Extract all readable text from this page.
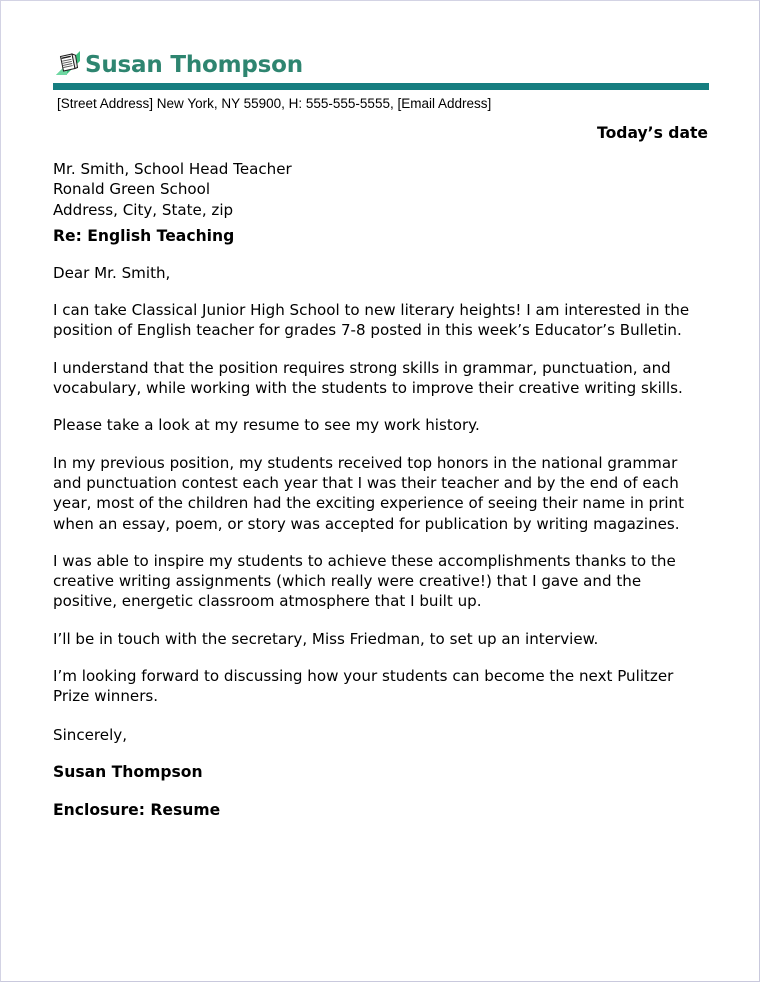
Susan Thompson
[Street Address] New York, NY 55900, H: 555-555-5555, [Email Address]
Today’s date
Mr. Smith, School Head Teacher
Ronald Green School
Address, City, State, zip
Re: English Teaching
Dear Mr. Smith,

I can take Classical Junior High School to new literary heights! I am interested in the position of English teacher for grades 7-8 posted in this week’s Educator’s Bulletin.

I understand that the position requires strong skills in grammar, punctuation, and vocabulary, while working with the students to improve their creative writing skills.

Please take a look at my resume to see my work history.

In my previous position, my students received top honors in the national grammar and punctuation contest each year that I was their teacher and by the end of each year, most of the children had the exciting experience of seeing their name in print when an essay, poem, or story was accepted for publication by writing magazines.

I was able to inspire my students to achieve these accomplishments thanks to the creative writing assignments (which really were creative!) that I gave and the positive, energetic classroom atmosphere that I built up.

I’ll be in touch with the secretary, Miss Friedman, to set up an interview.

I’m looking forward to discussing how your students can become the next Pulitzer Prize winners.

Sincerely,
Susan Thompson
Enclosure: Resume
